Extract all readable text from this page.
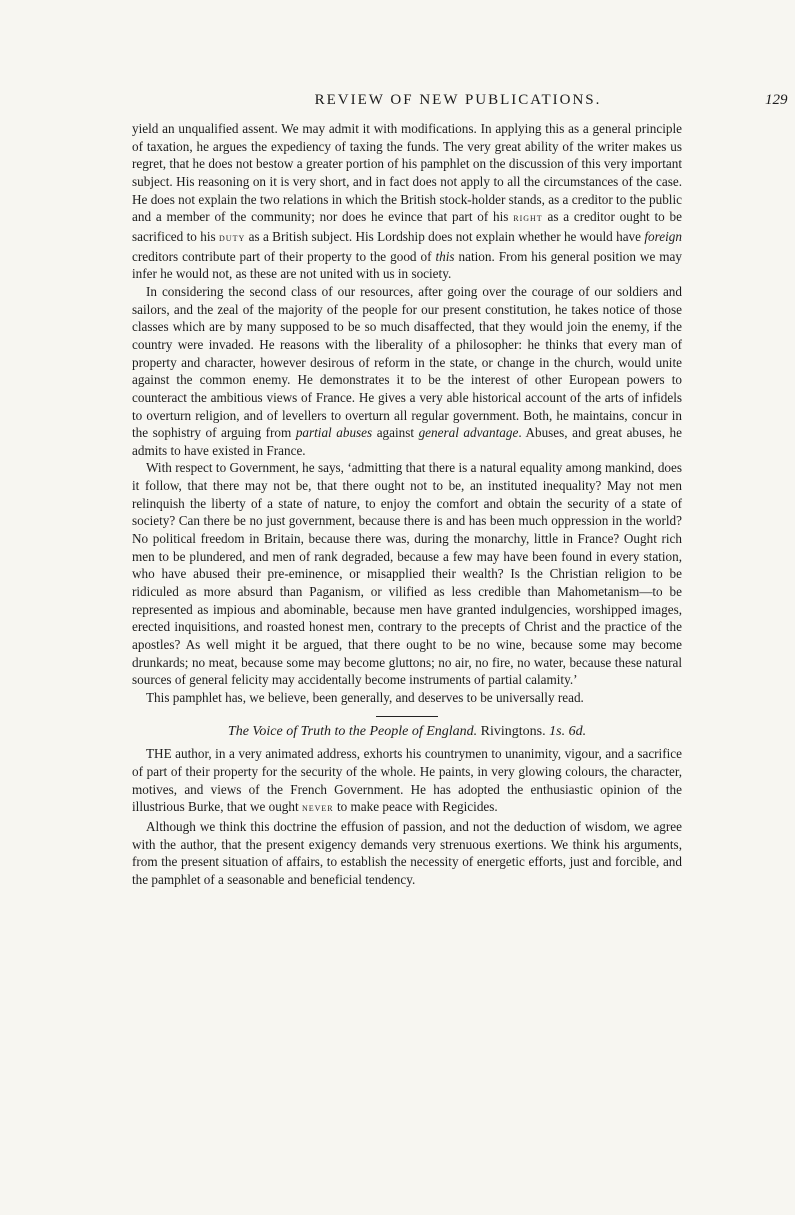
REVIEW OF NEW PUBLICATIONS.	129

yield an unqualified assent. We may admit it with modifications. In applying this as a general principle of taxation, he argues the expediency of taxing the funds. The very great ability of the writer makes us regret, that he does not bestow a greater portion of his pamphlet on the discussion of this very important subject. His reasoning on it is very short, and in fact does not apply to all the circumstances of the case. He does not explain the two relations in which the British stock-holder stands, as a creditor to the public and a member of the community; nor does he evince that part of his right as a creditor ought to be sacrificed to his duty as a British subject. His Lordship does not explain whether he would have foreign creditors contribute part of their property to the good of this nation. From his general position we may infer he would not, as these are not united with us in society.

In considering the second class of our resources, after going over the courage of our soldiers and sailors, and the zeal of the majority of the people for our present constitution, he takes notice of those classes which are by many supposed to be so much disaffected, that they would join the enemy, if the country were invaded. He reasons with the liberality of a philosopher: he thinks that every man of property and character, however desirous of reform in the state, or change in the church, would unite against the common enemy. He demonstrates it to be the interest of other European powers to counteract the ambitious views of France. He gives a very able historical account of the arts of infidels to overturn religion, and of levellers to overturn all regular government. Both, he maintains, concur in the sophistry of arguing from partial abuses against general advantage. Abuses, and great abuses, he admits to have existed in France.

With respect to Government, he says, ‘admitting that there is a natural equality among mankind, does it follow, that there may not be, that there ought not to be, an instituted inequality? May not men relinquish the liberty of a state of nature, to enjoy the comfort and obtain the security of a state of society? Can there be no just government, because there is and has been much oppression in the world? No political freedom in Britain, because there was, during the monarchy, little in France? Ought rich men to be plundered, and men of rank degraded, because a few may have been found in every station, who have abused their pre-eminence, or misapplied their wealth? Is the Christian religion to be ridiculed as more absurd than Paganism, or vilified as less credible than Mahometanism—to be represented as impious and abominable, because men have granted indulgencies, worshipped images, erected inquisitions, and roasted honest men, contrary to the precepts of Christ and the practice of the apostles? As well might it be argued, that there ought to be no wine, because some may become drunkards; no meat, because some may become gluttons; no air, no fire, no water, because these natural sources of general felicity may accidentally become instruments of partial calamity.’

This pamphlet has, we believe, been generally, and deserves to be universally read.

The Voice of Truth to the People of England. Rivingtons. 1s. 6d.

THE author, in a very animated address, exhorts his countrymen to unanimity, vigour, and a sacrifice of part of their property for the security of the whole. He paints, in very glowing colours, the character, motives, and views of the French Government. He has adopted the enthusiastic opinion of the illustrious Burke, that we ought never to make peace with Regicides.

Although we think this doctrine the effusion of passion, and not the deduction of wisdom, we agree with the author, that the present exigency demands very strenuous exertions. We think his arguments, from the present situation of affairs, to establish the necessity of energetic efforts, just and forcible, and the pamphlet of a seasonable and beneficial tendency.
